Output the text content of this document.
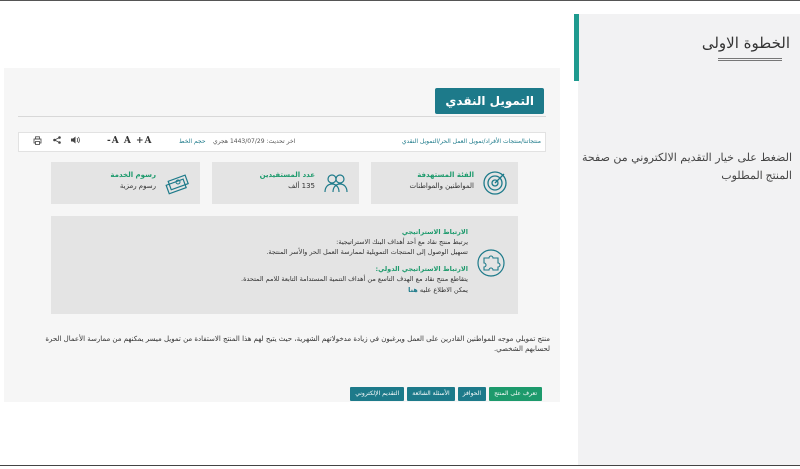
التمويل النقدي
منتجاتنا/منتجات الأفراد/تمويل العمل الحر/التمويل النقدي
اخر تحديث: 1443/07/29 هجري
حجم الخط
-A A +A
الفئة المستهدفة
المواطنين والمواطنات
عدد المستفيدين
135 ألف
رسوم الخدمة
رسوم رمزية
الارتباط الاستراتيجي
يرتبط منتج نقاد مع أحد أهداف البنك الاستراتيجية:
تسهيل الوصول إلى المنتجات التمويلية لممارسة العمل الحر والأسر المنتجة.
الارتباط الاستراتيجي الدولي:
يتقاطع منتج نقاد مع الهدف التاسع من أهداف التنمية المستدامة التابعة للامم المتحدة.
يمكن الاطلاع عليه هنا
منتج تمويلي موجه للمواطنين القادرين على العمل ويرغبون في زيادة مدخولاتهم الشهرية، حيث يتيح لهم هذا المنتج الاستفادة من تمويل ميسر يمكنهم من ممارسة الأعمال الحرة لحسابهم الشخصي.
تعرف على المنتج
الحوافز
الأسئلة الشائعة
التقديم الإلكتروني
الخطوة الاولى
الضغط على خيار التقديم الالكتروني من صفحة المنتج المطلوب
